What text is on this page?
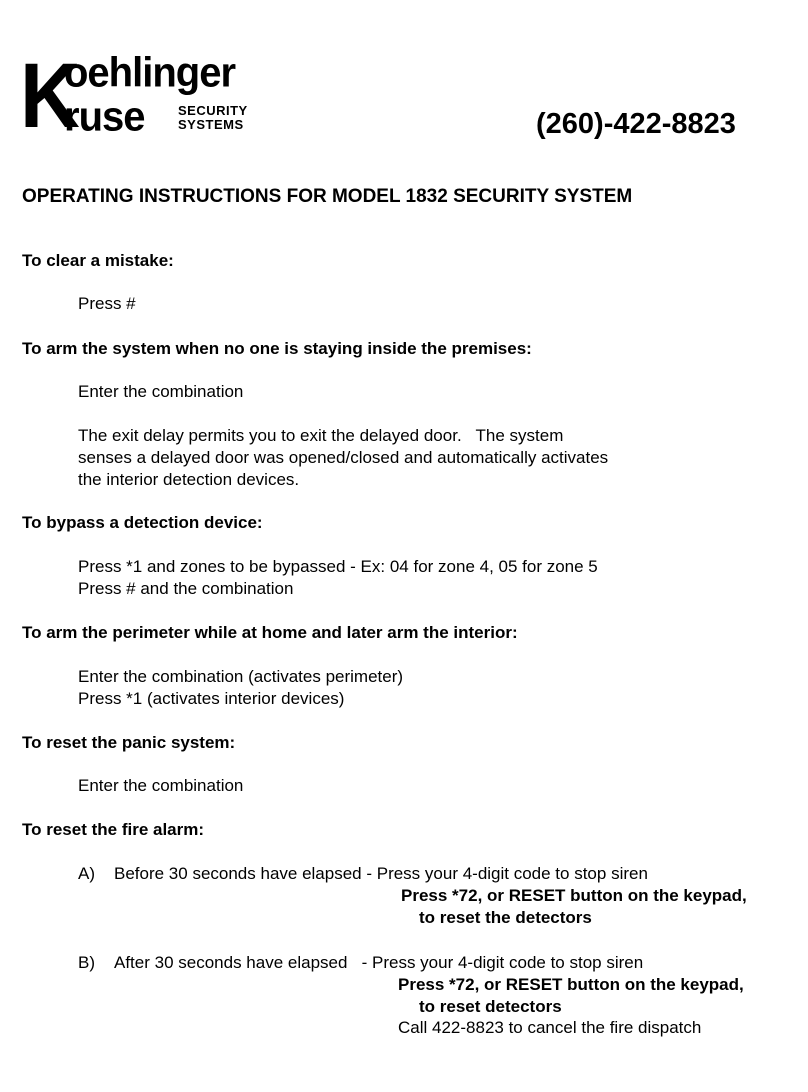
K
oehlinger
ruse	SECURITY
SYSTEMS	(260)-422-8823
OPERATING INSTRUCTIONS FOR MODEL 1832 SECURITY SYSTEM
To clear a mistake:
Press #
To arm the system when no one is staying inside the premises:
Enter the combination
The exit delay permits you to exit the delayed door.   The system
senses a delayed door was opened/closed and automatically activates
the interior detection devices.
To bypass a detection device:
Press *1 and zones to be bypassed - Ex: 04 for zone 4, 05 for zone 5
Press # and the combination
To arm the perimeter while at home and later arm the interior:
Enter the combination (activates perimeter)
Press *1 (activates interior devices)
To reset the panic system:
Enter the combination
To reset the fire alarm:
A) Before 30 seconds have elapsed - Press your 4-digit code to stop siren
Press *72, or RESET button on the keypad,
to reset the detectors
B) After 30 seconds have elapsed   - Press your 4-digit code to stop siren
Press *72, or RESET button on the keypad,
to reset detectors
Call 422-8823 to cancel the fire dispatch
